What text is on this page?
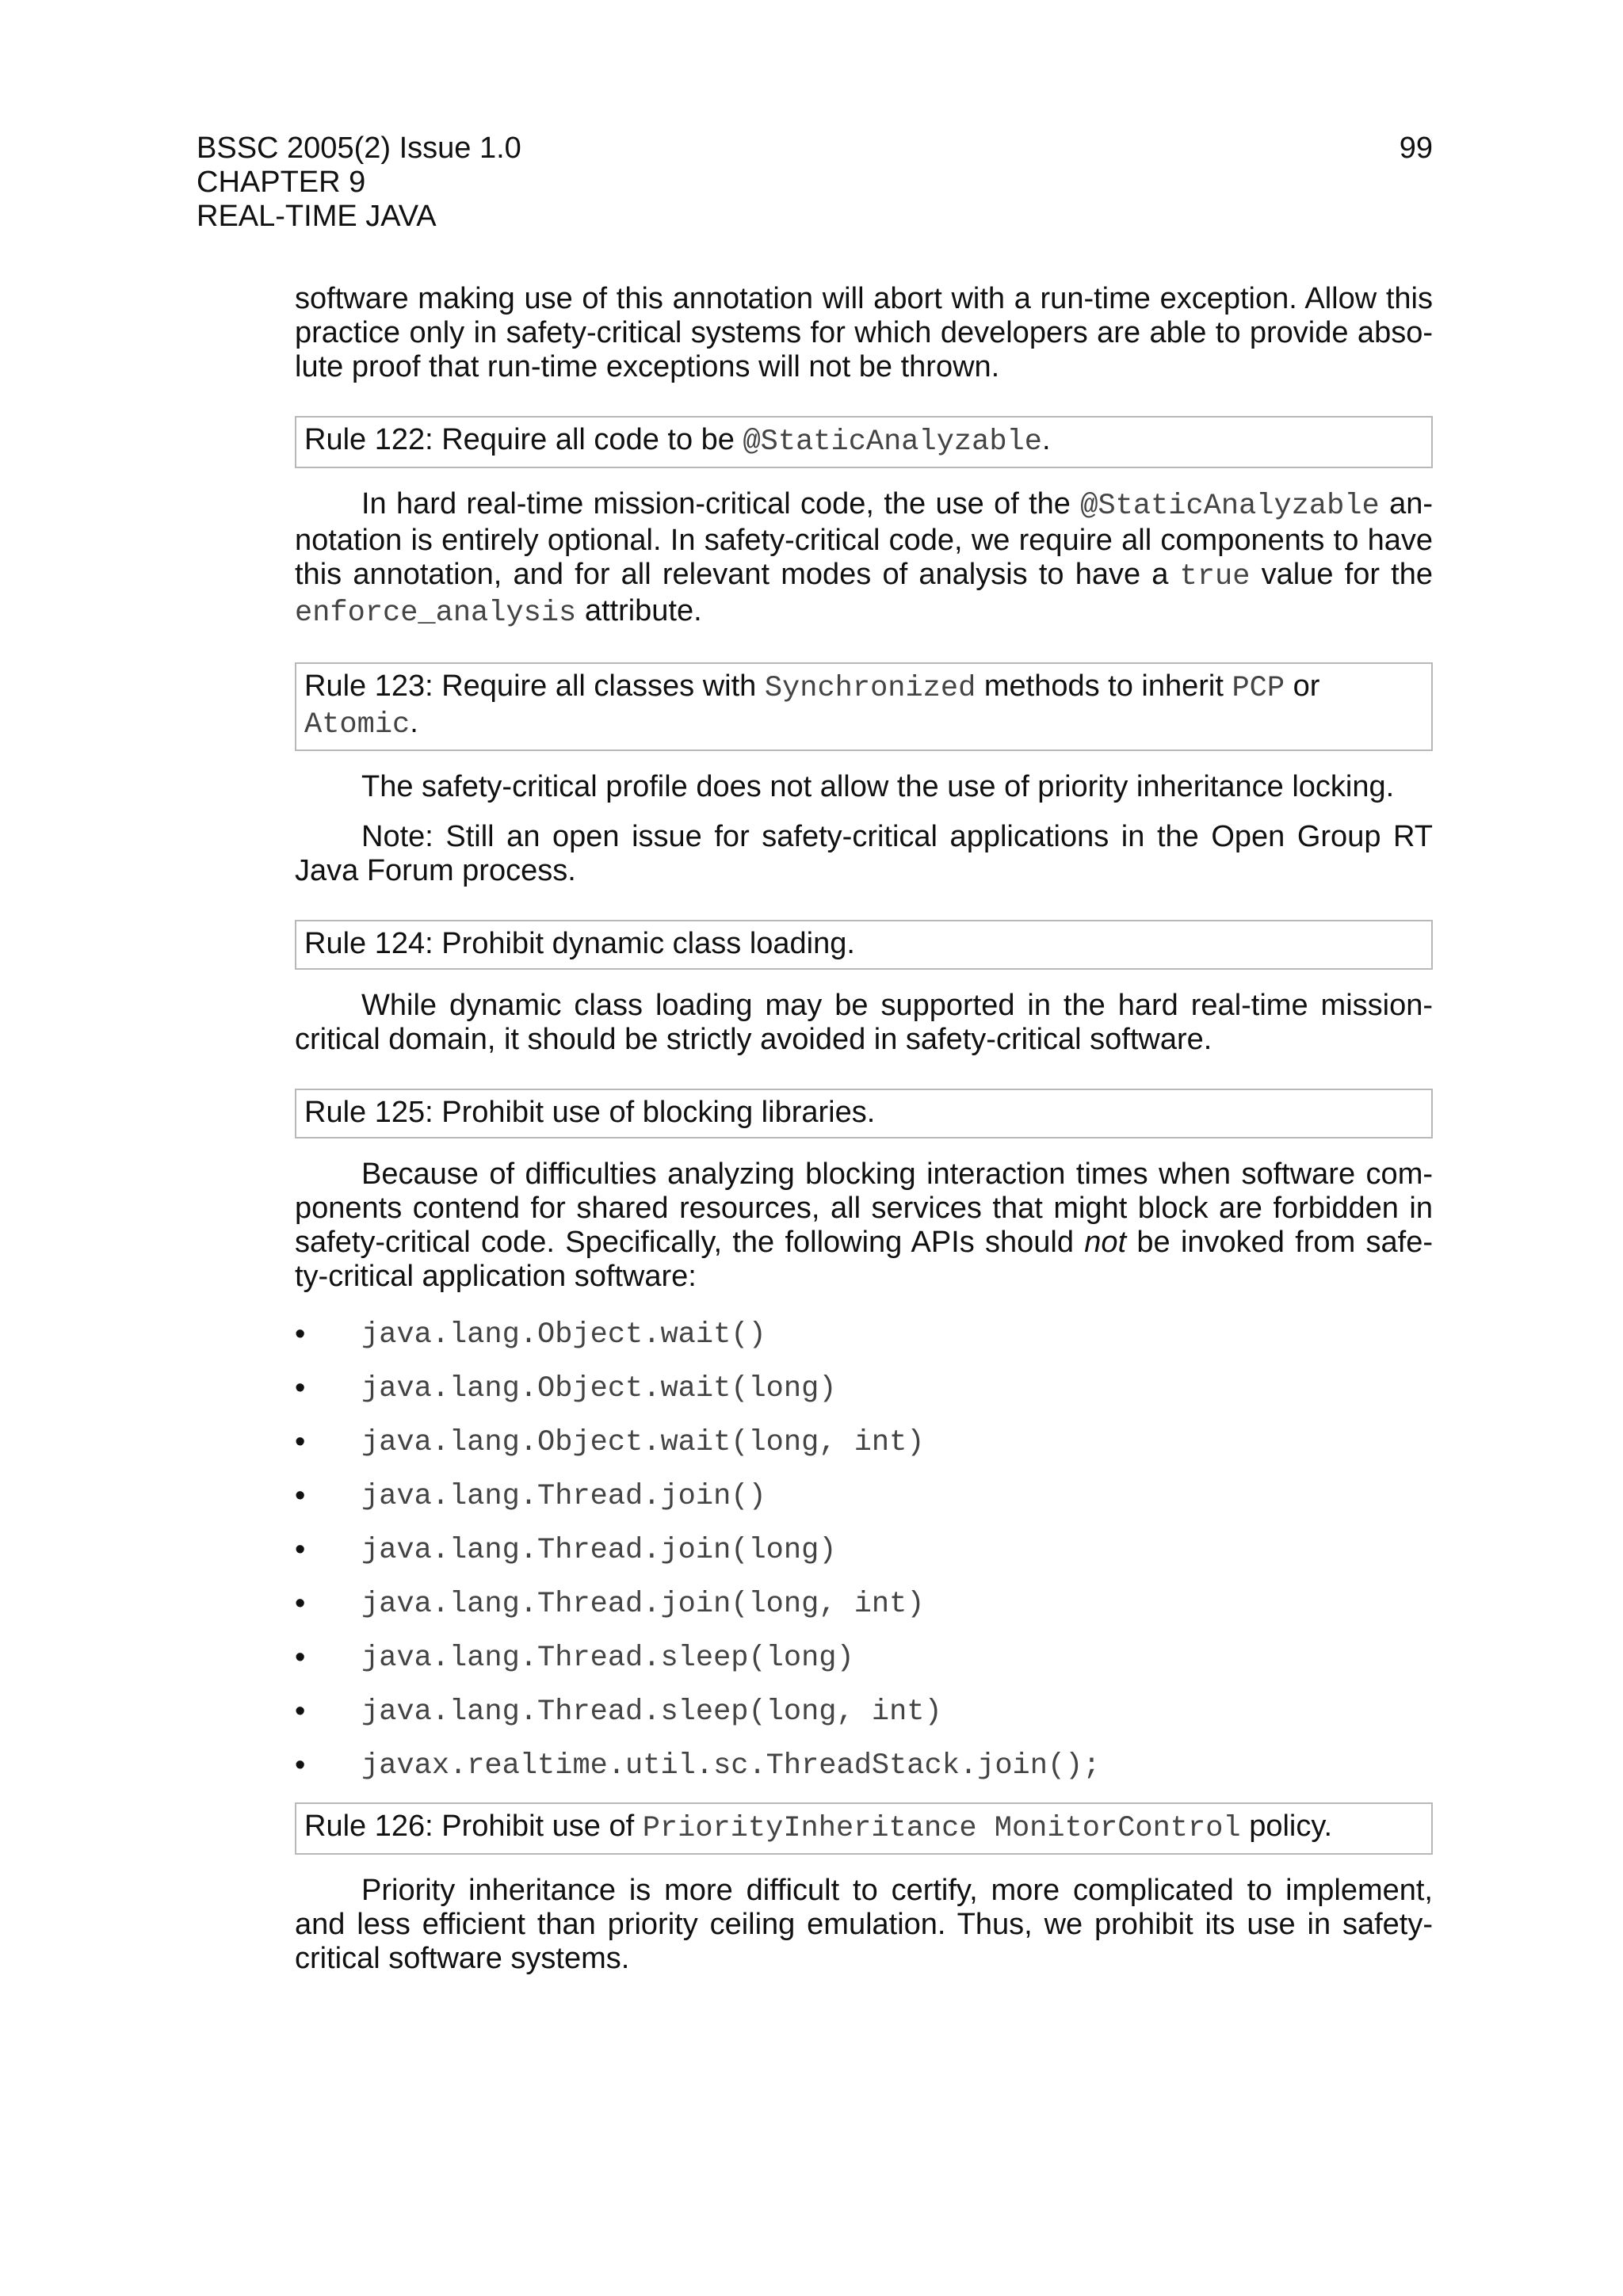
BSSC 2005(2) Issue 1.0
CHAPTER 9
REAL-TIME JAVA
99

software making use of this annotation will abort with a run-time exception. Allow this practice only in safety-critical systems for which developers are able to provide abso-lute proof that run-time exceptions will not be thrown.

Rule 122: Require all code to be @StaticAnalyzable.

In hard real-time mission-critical code, the use of the @StaticAnalyzable an-notation is entirely optional. In safety-critical code, we require all components to have this annotation, and for all relevant modes of analysis to have a true value for the enforce_analysis attribute.

Rule 123: Require all classes with Synchronized methods to inherit PCP or Atomic.

The safety-critical profile does not allow the use of priority inheritance locking.

Note: Still an open issue for safety-critical applications in the Open Group RT Java Forum process.

Rule 124: Prohibit dynamic class loading.

While dynamic class loading may be supported in the hard real-time mission-critical domain, it should be strictly avoided in safety-critical software.

Rule 125: Prohibit use of blocking libraries.

Because of difficulties analyzing blocking interaction times when software com-ponents contend for shared resources, all services that might block are forbidden in safety-critical code. Specifically, the following APIs should not be invoked from safe-ty-critical application software:

• java.lang.Object.wait()
• java.lang.Object.wait(long)
• java.lang.Object.wait(long, int)
• java.lang.Thread.join()
• java.lang.Thread.join(long)
• java.lang.Thread.join(long, int)
• java.lang.Thread.sleep(long)
• java.lang.Thread.sleep(long, int)
• javax.realtime.util.sc.ThreadStack.join();
Rule 126: Prohibit use of PriorityInheritance MonitorControl policy.

Priority inheritance is more difficult to certify, more complicated to implement, and less efficient than priority ceiling emulation. Thus, we prohibit its use in safety-critical software systems.
